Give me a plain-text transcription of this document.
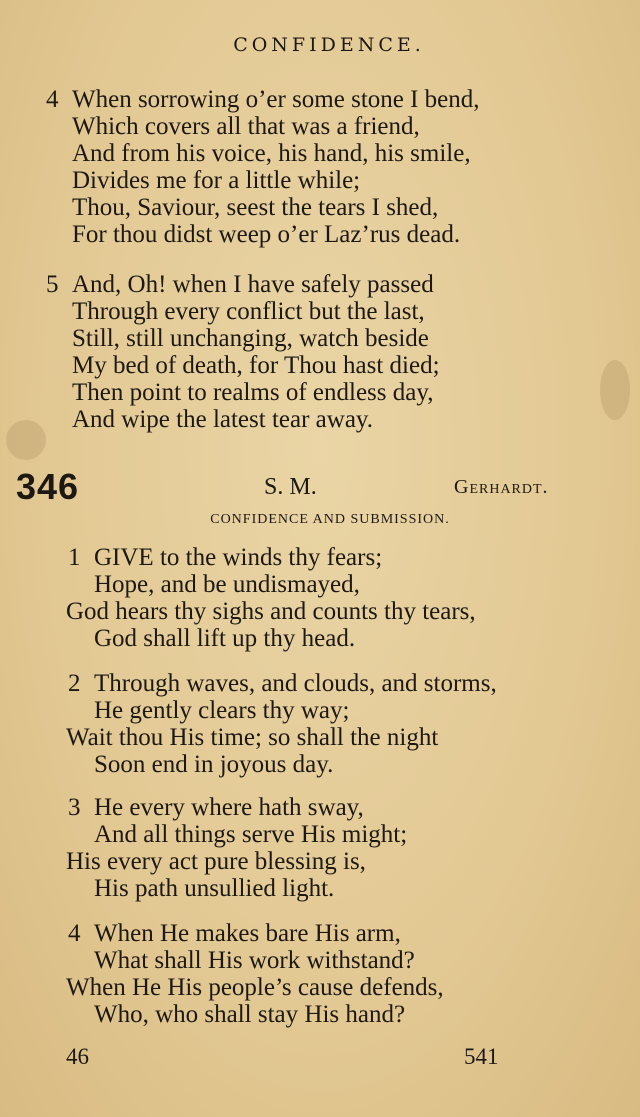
CONFIDENCE.
4 When sorrowing o’er some stone I bend,
Which covers all that was a friend,
And from his voice, his hand, his smile,
Divides me for a little while;
Thou, Saviour, seest the tears I shed,
For thou didst weep o’er Laz’rus dead.
5 And, Oh! when I have safely passed
Through every conflict but the last,
Still, still unchanging, watch beside
My bed of death, for Thou hast died;
Then point to realms of endless day,
And wipe the latest tear away.
346	S. M.	Gerhardt.
CONFIDENCE AND SUBMISSION.
1 GIVE to the winds thy fears;
Hope, and be undismayed,
God hears thy sighs and counts thy tears,
God shall lift up thy head.
2 Through waves, and clouds, and storms,
He gently clears thy way;
Wait thou His time; so shall the night
Soon end in joyous day.
3 He every where hath sway,
And all things serve His might;
His every act pure blessing is,
His path unsullied light.
4 When He makes bare His arm,
What shall His work withstand?
When He His people’s cause defends,
Who, who shall stay His hand?
46	541
